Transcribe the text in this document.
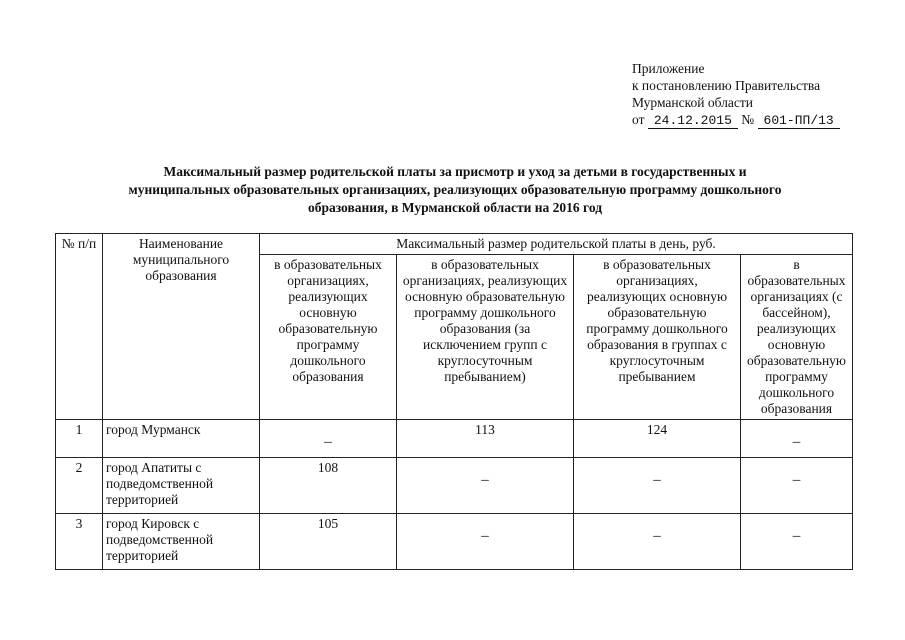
Приложение
к постановлению Правительства
Мурманской области
от 24.12.2015 № 601-ПП/13
Максимальный размер родительской платы за присмотр и уход за детьми в государственных и
муниципальных образовательных организациях, реализующих образовательную программу дошкольного
образования, в Мурманской области на 2016 год
№ п/п	Наименование муниципального образования	Максимальный размер родительской платы в день, руб.			
		в образовательных организациях, реализующих основную образовательную программу дошкольного образования	в образовательных организациях, реализующих основную образовательную программу дошкольного образования (за исключением групп с круглосуточным пребыванием)	в образовательных организациях, реализующих основную образовательную программу дошкольного образования в группах с круглосуточным пребыванием	в образовательных организациях (с бассейном), реализующих основную образовательную программу дошкольного образования
1	город Мурманск	–	113	124	–
2	город Апатиты с подведомственной территорией	108	–	–	–
3	город Кировск с подведомственной территорией	105	–	–	–
